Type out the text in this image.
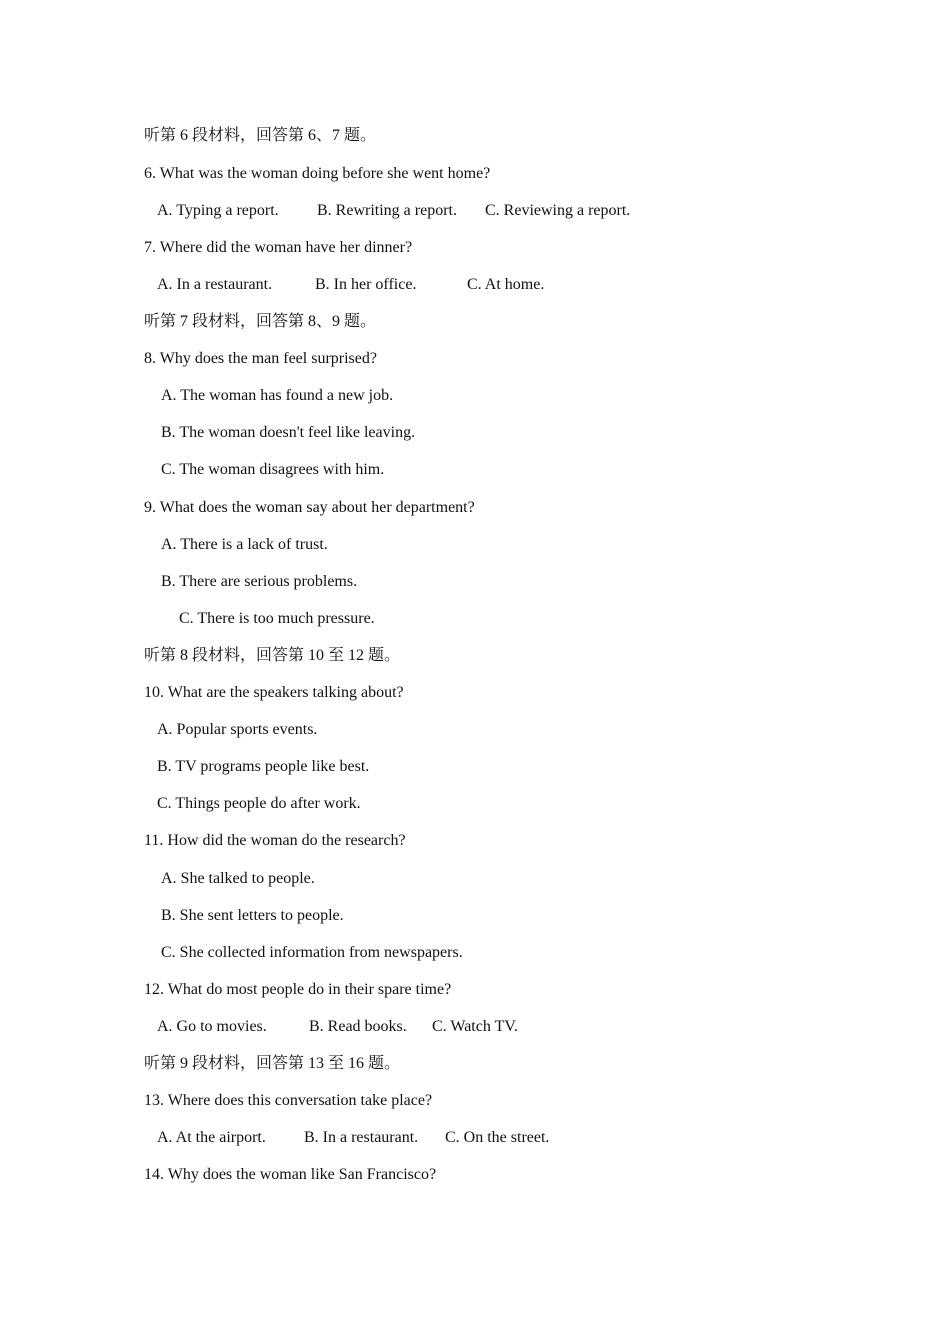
听第 6 段材料，回答第 6、7 题。
6. What was the woman doing before she went home?
A. Typing a report. B. Rewriting a report. C. Reviewing a report.
7. Where did the woman have her dinner?
A. In a restaurant.	B. In her office.	C. At home.
听第 7 段材料，回答第 8、9 题。
8. Why does the man feel surprised?
A. The woman has found a new job.
B. The woman doesn't feel like leaving.
C. The woman disagrees with him.
9. What does the woman say about her department?
A. There is a lack of trust.
B. There are serious problems.
C. There is too much pressure.
听第 8 段材料，回答第 10 至 12 题。
10. What are the speakers talking about?
A. Popular sports events.
B. TV programs people like best.
C. Things people do after work.
11. How did the woman do the research?
A. She talked to people.
B. She sent letters to people.
C. She collected information from newspapers.
12. What do most people do in their spare time?
A. Go to movies.	B. Read books. C. Watch TV.
听第 9 段材料，回答第 13 至 16 题。
13. Where does this conversation take place?
A. At the airport. B. In a restaurant. C. On the street.
14. Why does the woman like San Francisco?
